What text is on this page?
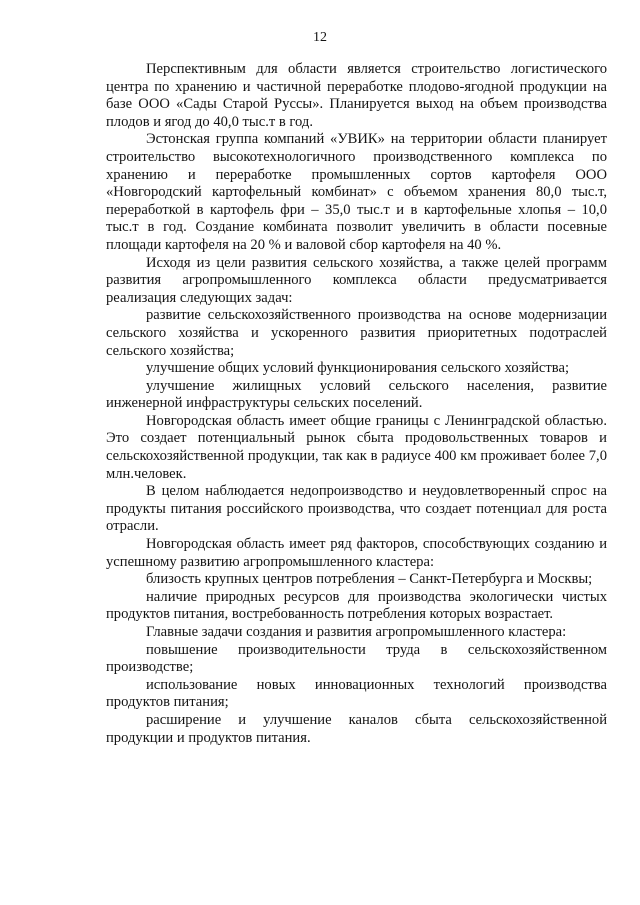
12

Перспективным для области является строительство логистического центра по хранению и частичной переработке плодово-ягодной продукции на базе ООО «Сады Старой Руссы». Планируется выход на объем производства плодов и ягод до 40,0 тыс.т в год.

Эстонская группа компаний «УВИК» на территории области планирует строительство высокотехнологичного производственного комплекса по хранению и переработке промышленных сортов картофеля ООО «Новгородский картофельный комбинат» с объемом хранения 80,0 тыс.т, переработкой в картофель фри – 35,0 тыс.т и в картофельные хлопья – 10,0 тыс.т в год. Создание комбината позволит увеличить в области посевные площади картофеля на 20 % и валовой сбор картофеля на 40 %.

Исходя из цели развития сельского хозяйства, а также целей программ развития агропромышленного комплекса области предусматривается реализация следующих задач:

развитие сельскохозяйственного производства на основе модернизации сельского хозяйства и ускоренного развития приоритетных подотраслей сельского хозяйства;

улучшение общих условий функционирования сельского хозяйства;

улучшение жилищных условий сельского населения, развитие инженерной инфраструктуры сельских поселений.

Новгородская область имеет общие границы с Ленинградской областью. Это создает потенциальный рынок сбыта продовольственных товаров и сельскохозяйственной продукции, так как в радиусе 400 км проживает более 7,0 млн.человек.

В целом наблюдается недопроизводство и неудовлетворенный спрос на продукты питания российского производства, что создает потенциал для роста отрасли.

Новгородская область имеет ряд факторов, способствующих созданию и успешному развитию агропромышленного кластера:

близость крупных центров потребления – Санкт-Петербурга и Москвы;

наличие природных ресурсов для производства экологически чистых продуктов питания, востребованность потребления которых возрастает.

Главные задачи создания и развития агропромышленного кластера:

повышение производительности труда в сельскохозяйственном производстве;

использование новых инновационных технологий производства продуктов питания;

расширение и улучшение каналов сбыта сельскохозяйственной продукции и продуктов питания.
